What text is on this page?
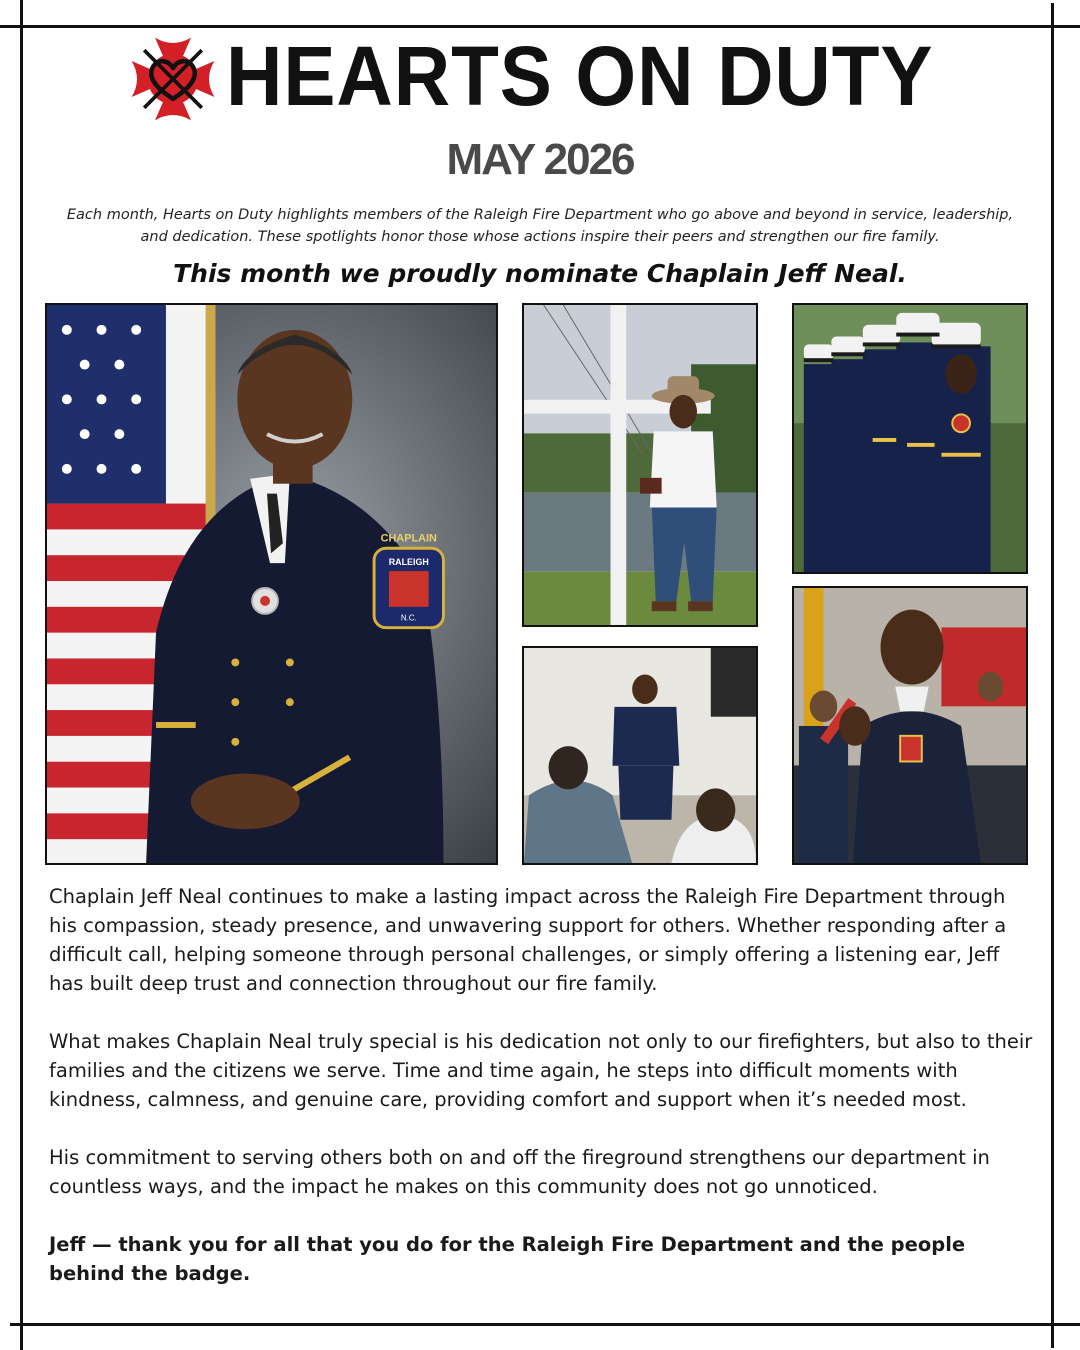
HEARTS ON DUTY
MAY 2026
Each month, Hearts on Duty highlights members of the Raleigh Fire Department who go above and beyond in service, leadership, and dedication. These spotlights honor those whose actions inspire their peers and strengthen our fire family.
This month we proudly nominate Chaplain Jeff Neal.
CHAPLAIN
RALEIGH
N.C.

Chaplain Jeff Neal continues to make a lasting impact across the Raleigh Fire Department through his compassion, steady presence, and unwavering support for others. Whether responding after a difficult call, helping someone through personal challenges, or simply offering a listening ear, Jeff has built deep trust and connection throughout our fire family.

What makes Chaplain Neal truly special is his dedication not only to our firefighters, but also to their families and the citizens we serve. Time and time again, he steps into difficult moments with kindness, calmness, and genuine care, providing comfort and support when it’s needed most.

His commitment to serving others both on and off the fireground strengthens our department in countless ways, and the impact he makes on this community does not go unnoticed.

Jeff — thank you for all that you do for the Raleigh Fire Department and the people behind the badge.
